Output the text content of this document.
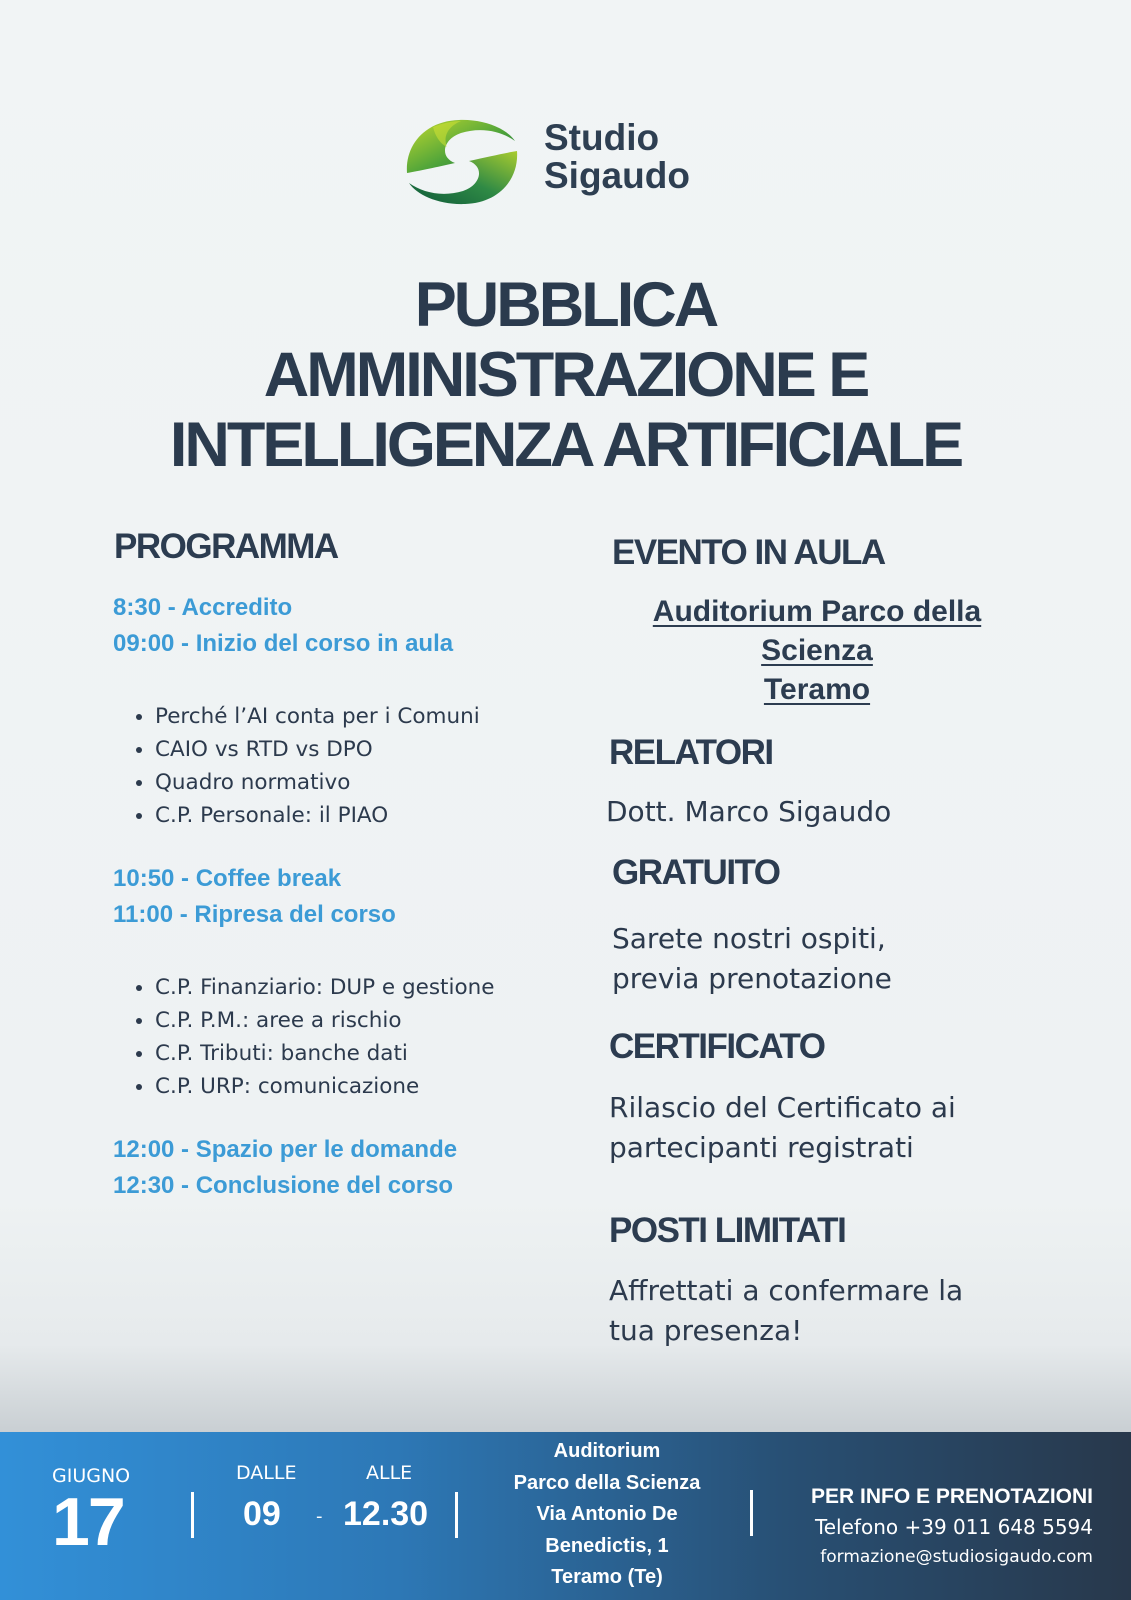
Studio
Sigaudo
PUBBLICA
AMMINISTRAZIONE E
INTELLIGENZA ARTIFICIALE
PROGRAMMA
8:30 - Accredito
09:00 - Inizio del corso in aula
• Perché l’AI conta per i Comuni
• CAIO vs RTD vs DPO
• Quadro normativo
• C.P. Personale: il PIAO
10:50 - Coffee break
11:00 - Ripresa del corso
• C.P. Finanziario: DUP e gestione
• C.P. P.M.: aree a rischio
• C.P. Tributi: banche dati
• C.P. URP: comunicazione
12:00 - Spazio per le domande
12:30 - Conclusione del corso
EVENTO IN AULA
Auditorium Parco della
Scienza
Teramo
RELATORI
Dott. Marco Sigaudo
GRATUITO
Sarete nostri ospiti,
previa prenotazione
CERTIFICATO
Rilascio del Certificato ai
partecipanti registrati
POSTI LIMITATI
Affrettati a confermare la
tua presenza!
GIUGNO
17
DALLE
09 -
ALLE
12.30
Auditorium
Parco della Scienza
Via Antonio De
Benedictis, 1
Teramo (Te)
PER INFO E PRENOTAZIONI
Telefono +39 011 648 5594
formazione@studiosigaudo.com
